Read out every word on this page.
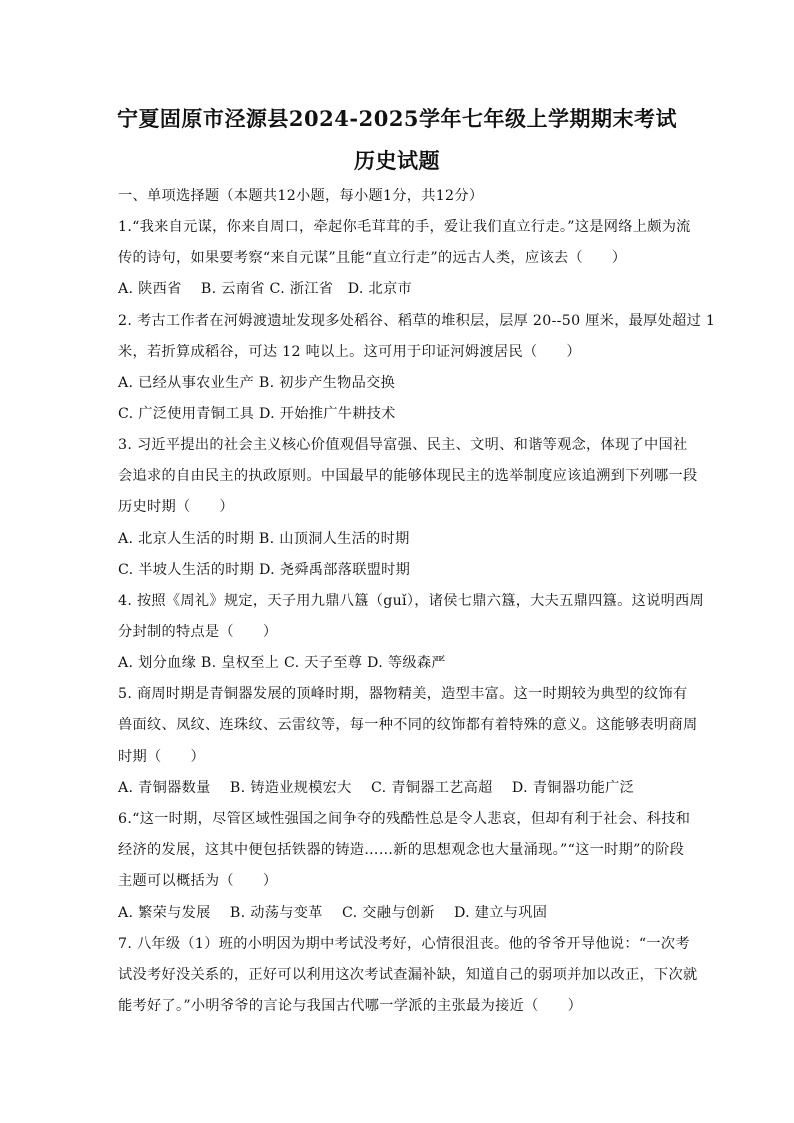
宁夏固原市泾源县2024-2025学年七年级上学期期末考试
历史试题
一、单项选择题（本题共12小题，每小题1分，共12分）
1.“我来自元谋，你来自周口，牵起你毛茸茸的手，爱让我们直立行走。”这是网络上颇为流
传的诗句，如果要考察“来自元谋”且能“直立行走”的远古人类，应该去（　　）
A. 陕西省　 B. 云南省 C. 浙江省　D. 北京市
2. 考古工作者在河姆渡遗址发现多处稻谷、稻草的堆积层，层厚 20--50 厘米，最厚处超过 1
米，若折算成稻谷，可达 12 吨以上。这可用于印证河姆渡居民（　　）
A. 已经从事农业生产 B. 初步产生物品交换
C. 广泛使用青铜工具 D. 开始推广牛耕技术
3. 习近平提出的社会主义核心价值观倡导富强、民主、文明、和谐等观念，体现了中国社
会追求的自由民主的执政原则。中国最早的能够体现民主的选举制度应该追溯到下列哪一段
历史时期（　　）
A. 北京人生活的时期 B. 山顶洞人生活的时期
C. 半坡人生活的时期 D. 尧舜禹部落联盟时期
4. 按照《周礼》规定，天子用九鼎八簋（guǐ），诸侯七鼎六簋，大夫五鼎四簋。这说明西周
分封制的特点是（　　）
A. 划分血缘 B. 皇权至上 C. 天子至尊 D. 等级森严
5. 商周时期是青铜器发展的顶峰时期，器物精美，造型丰富。这一时期较为典型的纹饰有
兽面纹、凤纹、连珠纹、云雷纹等，每一种不同的纹饰都有着特殊的意义。这能够表明商周
时期（　　）
A. 青铜器数量　 B. 铸造业规模宏大　 C. 青铜器工艺高超　 D. 青铜器功能广泛
6.“这一时期，尽管区域性强国之间争夺的残酷性总是令人悲哀，但却有利于社会、科技和
经济的发展，这其中便包括铁器的铸造……新的思想观念也大量涌现。”“这一时期”的阶段
主题可以概括为（　　）
A. 繁荣与发展　 B. 动荡与变革　 C. 交融与创新　 D. 建立与巩固
7. 八年级（1）班的小明因为期中考试没考好，心情很沮丧。他的爷爷开导他说：“一次考
试没考好没关系的，正好可以利用这次考试查漏补缺，知道自己的弱项并加以改正，下次就
能考好了。”小明爷爷的言论与我国古代哪一学派的主张最为接近（　　）
